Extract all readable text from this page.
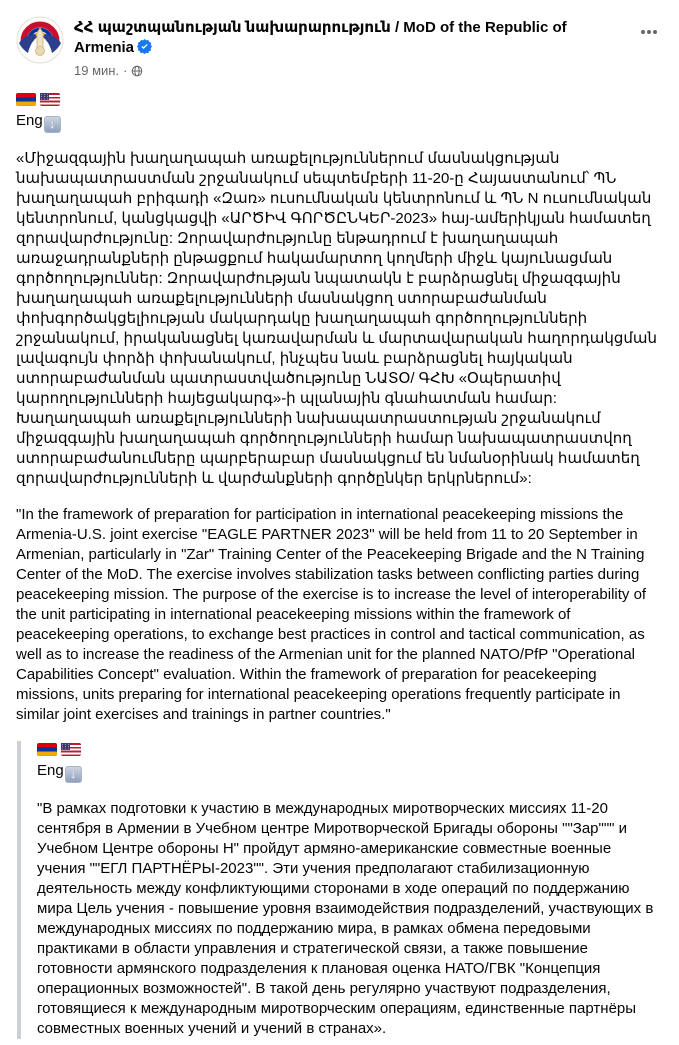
ՀՀ պաշտպանության նախարարություն / MoD of the Republic of Armenia
19 мин. ·
Eng ↓

«Միջազգային խաղաղապահ առաքելություններում մասնակցության նախապատրաստման շրջանակում սեպտեմբերի 11-20-ը Հայաստանում՝ ՊՆ խաղաղապահ բրիգադի «Զառ» ուսումնական կենտրոնում և ՊՆ N ուսումնական կենտրոնում, կանցկացվի «ԱՐԾԻՎ ԳՈՐԾԸՆԿԵՐ-2023» հայ-ամերիկյան համատեղ զորավարժությունը: Զորավարժությունը ենթադրում է խաղաղապահ առաջադրանքների ընթացքում հակամարտող կողմերի միջև կայունացման գործողություններ: Զորավարժության նպատակն է բարձրացնել միջազգային խաղաղապահ առաքելությունների մասնակցող ստորաբաժանման փոխգործակցելիության մակարդակը խաղաղապահ գործողությունների շրջանակում, իրականացնել կառավարման և մարտավարական հաղորդակցման լավագույն փորձի փոխանակում, ինչպես նաև բարձրացնել հայկական ստորաբաժանման պատրաստվածությունը ՆԱՏՕ/ ԳՀԽ «Օպերատիվ կարողությունների հայեցակարգ»-ի պլանային գնահատման համար: Խաղաղապահ առաքելությունների նախապատրաստության շրջանակում միջազգային խաղաղապահ գործողությունների համար նախապատրաստվող ստորաբաժանումները պարբերաբար մասնակցում են նմանօրինակ համատեղ զորավարժությունների և վարժանքների գործընկեր երկրներում»:

"In the framework of preparation for participation in international peacekeeping missions the Armenia-U.S. joint exercise "EAGLE PARTNER 2023" will be held from 11 to 20 September in Armenian, particularly in "Zar" Training Center of the Peacekeeping Brigade and the N Training Center of the MoD. The exercise involves stabilization tasks between conflicting parties during peacekeeping mission. The purpose of the exercise is to increase the level of interoperability of the unit participating in international peacekeeping missions within the framework of peacekeeping operations, to exchange best practices in control and tactical communication, as well as to increase the readiness of the Armenian unit for the planned NATO/PfP "Operational Capabilities Concept" evaluation. Within the framework of preparation for peacekeeping missions, units preparing for international peacekeeping operations frequently participate in similar joint exercises and trainings in partner countries."

Eng ↓

"В рамках подготовки к участию в международных миротворческих миссиях 11-20 сентября в Армении в Учебном центре Миротворческой Бригады обороны ""Зар""" и Учебном Центре обороны Н" пройдут армяно-американские совместные военные учения ""ЕГЛ ПАРТНЁРЫ-2023"". Эти учения предполагают стабилизационную деятельность между конфликтующими сторонами в ходе операций по поддержанию мира Цель учения - повышение уровня взаимодействия подразделений, участвующих в международных миссиях по поддержанию мира, в рамках обмена передовыми практиками в области управления и стратегической связи, а также повышение готовности армянского подразделения к плановая оценка НАТО/ГВК "Концепция операционных возможностей". В такой день регулярно участвуют подразделения, готовящиеся к международным миротворческим операциям, единственные партнёры совместных военных учений и учений в странах».
